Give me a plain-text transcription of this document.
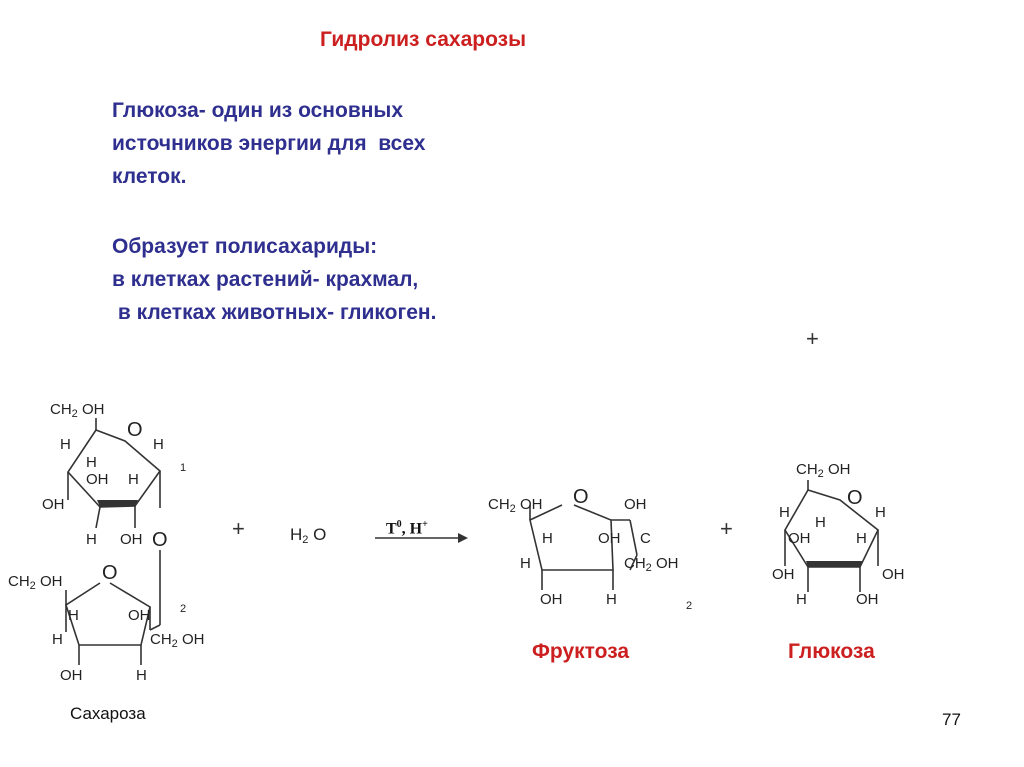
Гидролиз сахарозы
Глюкоза- один из основных
источников энергии для  всех
клеток.
Образует полисахариды:
в клетках растений- крахмал,
в клетках животных- гликоген.
$CH_2$ OH
O
H	H
H
OH H
1
OH
H OH O
$CH_2$ OH O
H	OH	2
H	$CH_2$ OH
OH	H
Сахароза
+
+	$H_2$ O	$T^0$, H+	+
$CH_2$ OH O OH
H	OH C
H	$CH_2$ OH
OH	H	2
Фруктоза
$CH_2$ OH
O
H	H
H
OH	H
OH	OH
H	OH
Глюкоза
77
